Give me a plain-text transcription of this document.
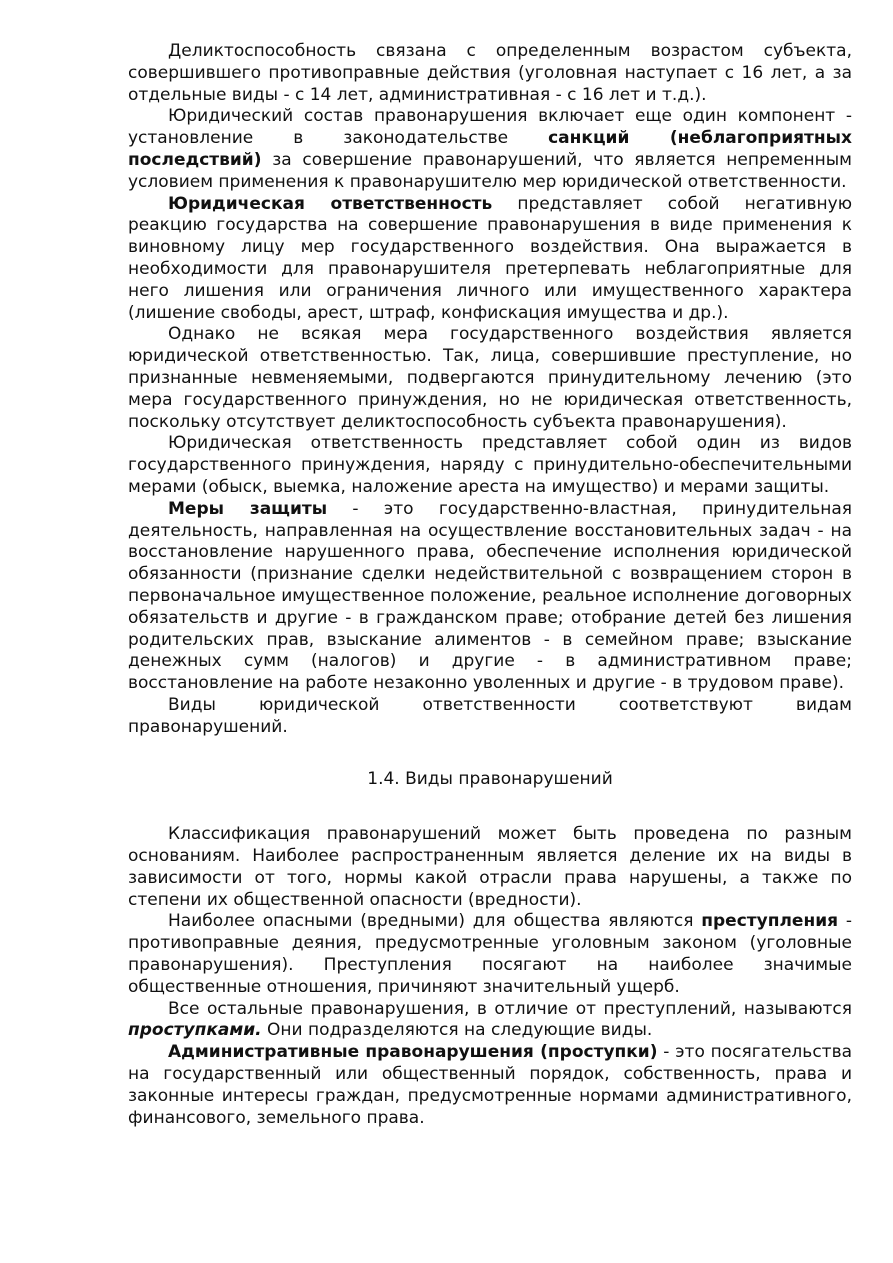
Деликтоспособность связана с определенным возрастом субъекта, совершившего противоправные действия (уголовная наступает с 16 лет, а за отдельные виды - с 14 лет, административная - с 16 лет и т.д.).

Юридический состав правонарушения включает еще один компонент - установление в законодательстве санкций (неблагоприятных последствий) за совершение правонарушений, что является непременным условием применения к правонарушителю мер юридической ответственности.

Юридическая ответственность представляет собой негативную реакцию государства на совершение правонарушения в виде применения к виновному лицу мер государственного воздействия. Она выражается в необходимости для правонарушителя претерпевать неблагоприятные для него лишения или ограничения личного или имущественного характера (лишение свободы, арест, штраф, конфискация имущества и др.).

Однако не всякая мера государственного воздействия является юридической ответственностью. Так, лица, совершившие преступление, но признанные невменяемыми, подвергаются принудительному лечению (это мера государственного принуждения, но не юридическая ответственность, поскольку отсутствует деликтоспособность субъекта правонарушения).

Юридическая ответственность представляет собой один из видов государственного принуждения, наряду с принудительно-обеспечительными мерами (обыск, выемка, наложение ареста на имущество) и мерами защиты.

Меры защиты - это государственно-властная, принудительная деятельность, направленная на осуществление восстановительных задач - на восстановление нарушенного права, обеспечение исполнения юридической обязанности (признание сделки недействительной с возвращением сторон в первоначальное имущественное положение, реальное исполнение договорных обязательств и другие - в гражданском праве; отобрание детей без лишения родительских прав, взыскание алиментов - в семейном праве; взыскание денежных сумм (налогов) и другие - в административном праве; восстановление на работе незаконно уволенных и другие - в трудовом праве).

Виды юридической ответственности соответствуют видам правонарушений.

1.4. Виды правонарушений

Классификация правонарушений может быть проведена по разным основаниям. Наиболее распространенным является деление их на виды в зависимости от того, нормы какой отрасли права нарушены, а также по степени их общественной опасности (вредности).

Наиболее опасными (вредными) для общества являются преступления - противоправные деяния, предусмотренные уголовным законом (уголовные правонарушения). Преступления посягают на наиболее значимые общественные отношения, причиняют значительный ущерб.

Все остальные правонарушения, в отличие от преступлений, называются проступками. Они подразделяются на следующие виды.

Административные правонарушения (проступки) - это посягательства на государственный или общественный порядок, собственность, права и законные интересы граждан, предусмотренные нормами административного, финансового, земельного права.
